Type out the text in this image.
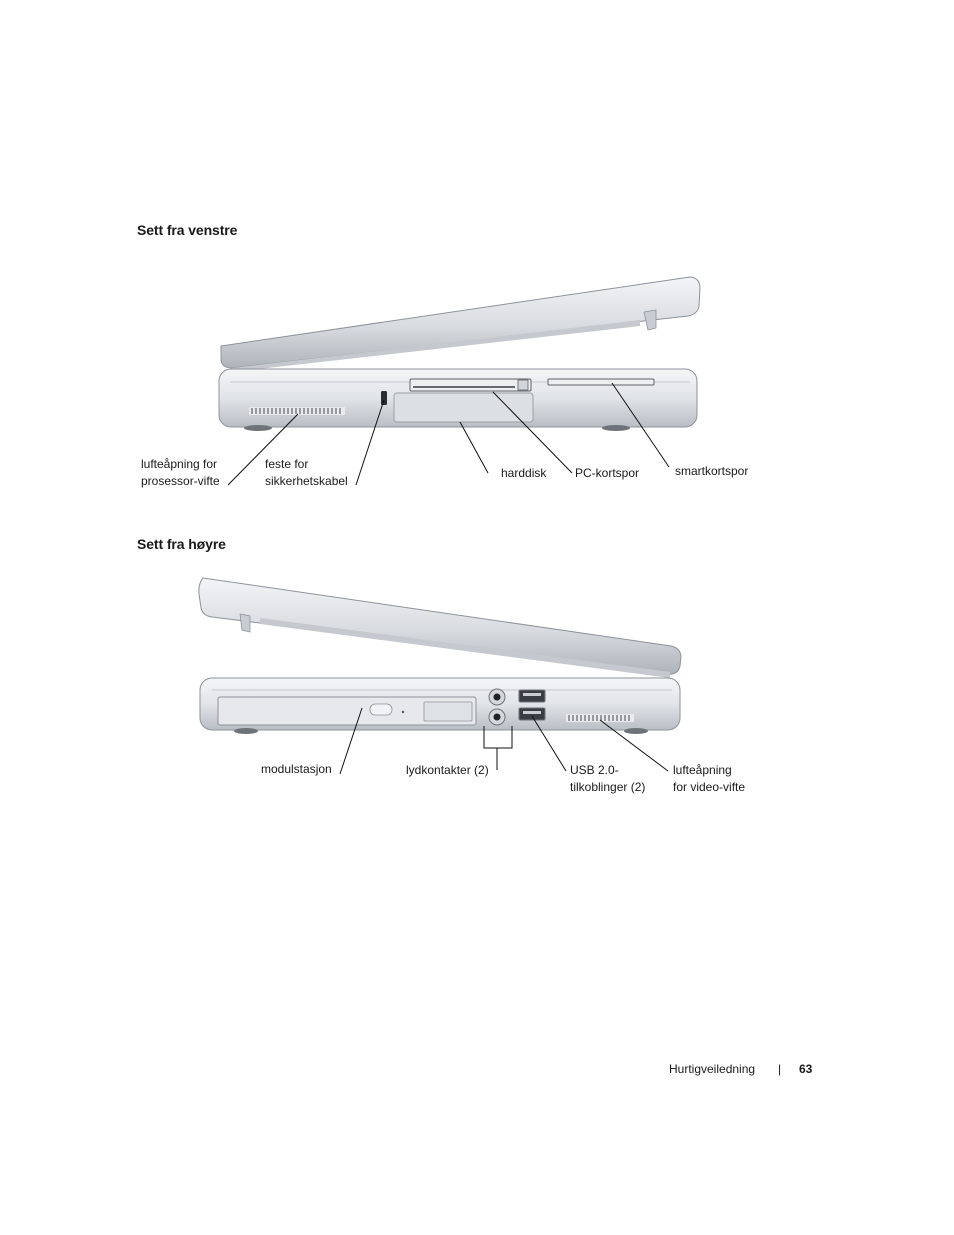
Sett fra venstre
Sett fra høyre
lufteåpning for
prosessor-vifte
feste for
sikkerhetskabel
harddisk PC-kortspor	smartkortspor
modulstasjon	lydkontakter (2)	USB 2.0-
tilkoblinger (2)
lufteåpning
for video-vifte
Hurtigveiledning | 63
